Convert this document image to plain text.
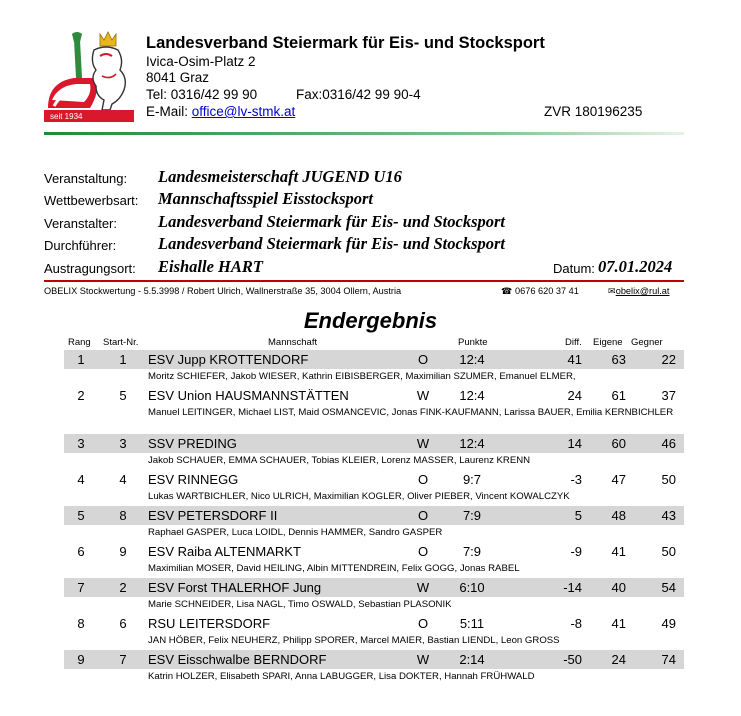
seit 1934
Landesverband Steiermark für Eis- und Stocksport
Ivica-Osim-Platz 2
8041 Graz
Tel: 0316/42 99 90	Fax:0316/42 99 90-4
E-Mail: office@lv-stmk.at	ZVR 180196235
Veranstaltung: Landesmeisterschaft JUGEND U16
Wettbewerbsart: Mannschaftsspiel Eisstocksport
Veranstalter: Landesverband Steiermark für Eis- und Stocksport
Durchführer:	Landesverband Steiermark für Eis- und Stocksport
Austragungsort: Eishalle HART	Datum: 07.01.2024
OBELIX Stockwertung - 5.5.3998 / Robert Ulrich, Wallnerstraße 35, 3004 Ollern, Austria	☎ 0676 620 37 41	✉obelix@rul.at
Endergebnis
Rang Start-Nr.	Mannschaft	Punkte	Diff. Eigene Gegner
1	1 ESV Jupp KROTTENDORF	O	12:4	41	63	22
Moritz SCHIEFER, Jakob WIESER, Kathrin EIBISBERGER, Maximilian SZUMER, Emanuel ELMER,
2	5 ESV Union HAUSMANNSTÄTTEN	W	12:4	24	61	37
Manuel LEITINGER, Michael LIST, Maid OSMANCEVIC, Jonas FINK-KAUFMANN, Larissa BAUER, Emilia KERNBICHLER
3	3 SSV PREDING	W	12:4	14	60	46
Jakob SCHAUER, EMMA SCHAUER, Tobias KLEIER, Lorenz MASSER, Laurenz KRENN
4	4 ESV RINNEGG	O	9:7	-3	47	50
Lukas WARTBICHLER, Nico ULRICH, Maximilian KOGLER, Oliver PIEBER, Vincent KOWALCZYK
5	8 ESV PETERSDORF II	O	7:9	5	48	43
Raphael GASPER, Luca LOIDL, Dennis HAMMER, Sandro GASPER
6	9 ESV Raiba ALTENMARKT	O	7:9	-9	41	50
Maximilian MOSER, David HEILING, Albin MITTENDREIN, Felix GOGG, Jonas RABEL
7	2 ESV Forst THALERHOF Jung	W	6:10	-14	40	54
Marie SCHNEIDER, Lisa NAGL, Timo OSWALD, Sebastian PLASONIK
8	6 RSU LEITERSDORF	O	5:11	-8	41	49
JAN HÖBER, Felix NEUHERZ, Philipp SPORER, Marcel MAIER, Bastian LIENDL, Leon GROSS
9	7 ESV Eisschwalbe BERNDORF	W	2:14	-50	24	74
Katrin HOLZER, Elisabeth SPARI, Anna LABUGGER, Lisa DOKTER, Hannah FRÜHWALD
